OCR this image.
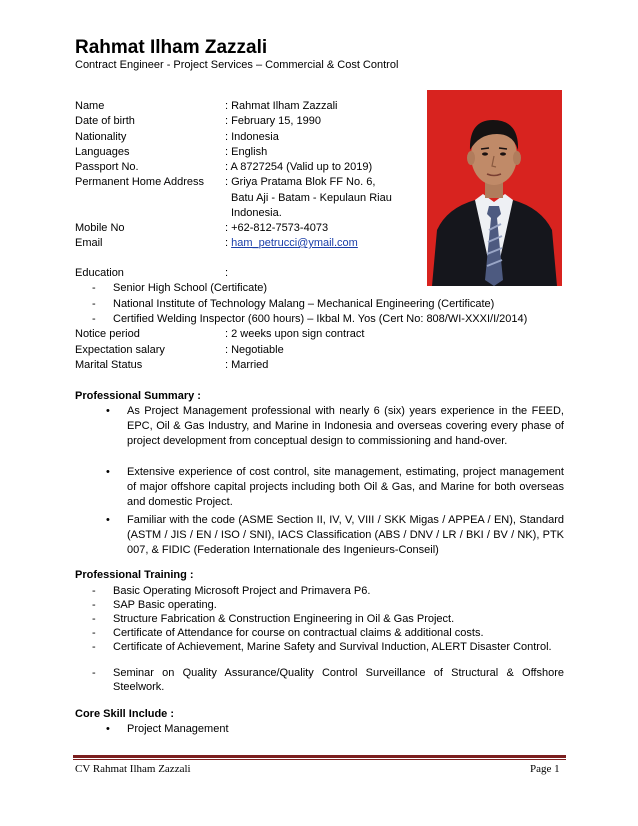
Rahmat Ilham Zazzali
Contract Engineer - Project Services – Commercial & Cost Control
Name	: Rahmat Ilham Zazzali
Date of birth	: February 15, 1990
Nationality	: Indonesia
Languages	: English
Passport No.	: A 8727254 (Valid up to 2019)
Permanent Home Address : Griya Pratama Blok FF No. 6,
Batu Aji - Batam - Kepulaun Riau
Indonesia.
Mobile No	: +62-812-7573-4073
Email	: ham_petrucci@ymail.com
Education	:
- Senior High School (Certificate)
- National Institute of Technology Malang – Mechanical Engineering (Certificate)
- Certified Welding Inspector (600 hours) – Ikbal M. Yos (Cert No: 808/WI-XXXI/I/2014)
Notice period	: 2 weeks upon sign contract
Expectation salary	: Negotiable
Marital Status	: Married
Professional Summary :
• As Project Management professional with nearly 6 (six) years experience in the FEED, EPC, Oil & Gas Industry, and Marine in Indonesia and overseas covering every phase of project development from conceptual design to commissioning and hand-over.
• Extensive experience of cost control, site management, estimating, project management of major offshore capital projects including both Oil & Gas, and Marine for both overseas and domestic Project.
• Familiar with the code (ASME Section II, IV, V, VIII / SKK Migas / APPEA / EN), Standard (ASTM / JIS / EN / ISO / SNI), IACS Classification (ABS / DNV / LR / BKI / BV / NK), PTK 007, & FIDIC (Federation Internationale des Ingenieurs-Conseil)
Professional Training :
- Basic Operating Microsoft Project and Primavera P6.
- SAP Basic operating.
- Structure Fabrication & Construction Engineering in Oil & Gas Project.
- Certificate of Attendance for course on contractual claims & additional costs.
- Certificate of Achievement, Marine Safety and Survival Induction, ALERT Disaster Control.
- Seminar on Quality Assurance/Quality Control Surveillance of Structural & Offshore Steelwork.
Core Skill Include :
• Project Management
CV Rahmat Ilham Zazzali	Page 1
